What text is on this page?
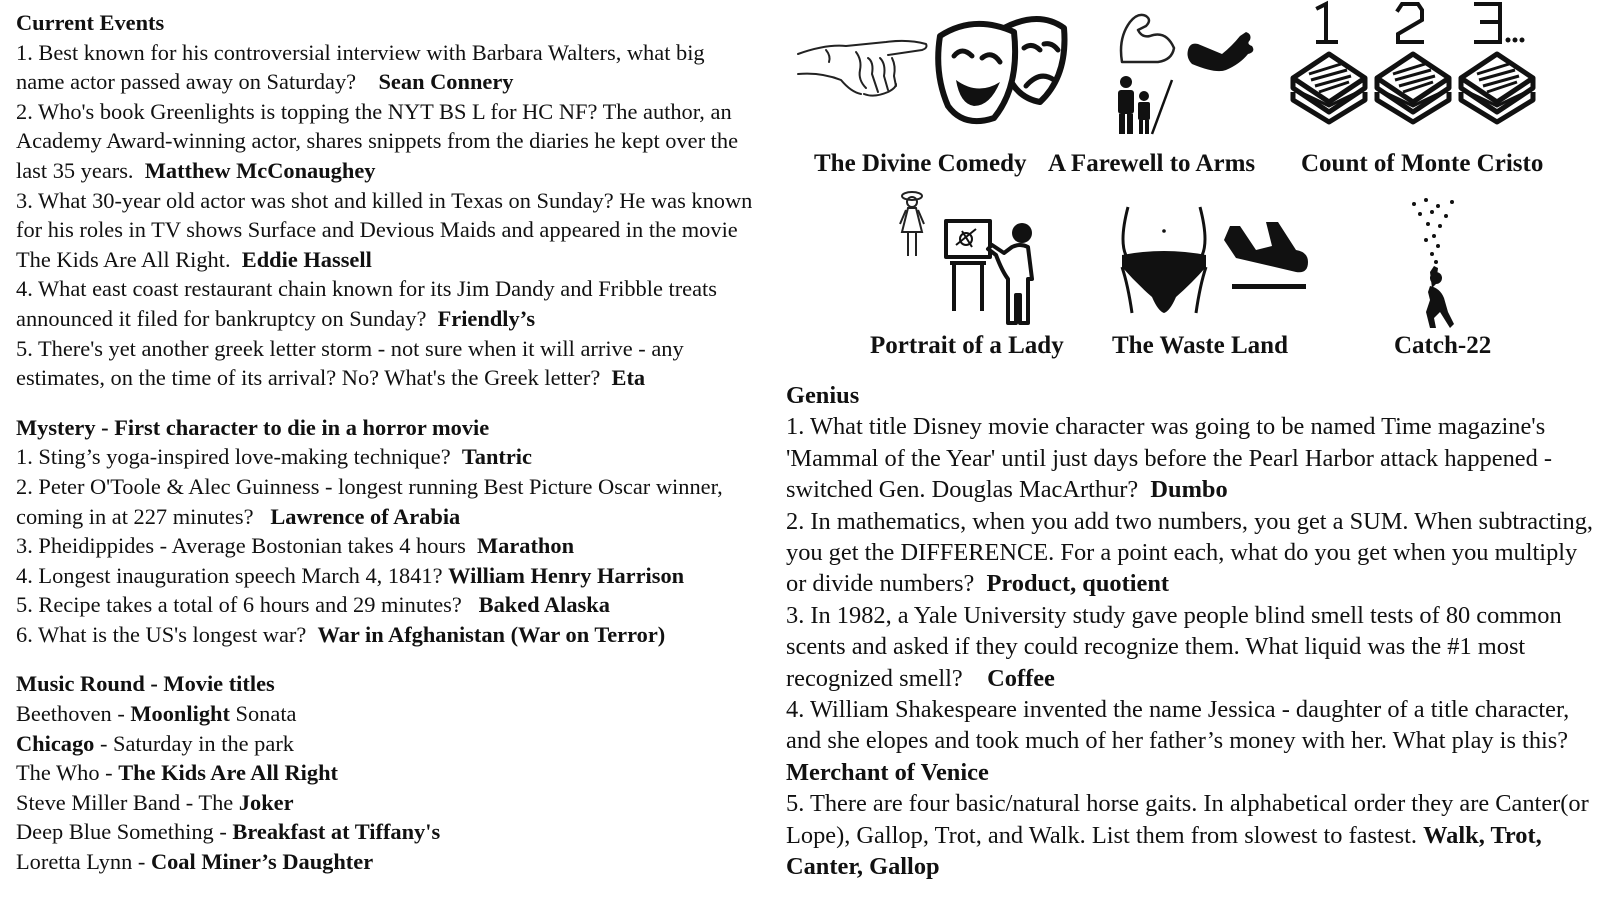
Current Events
1. Best known for his controversial interview with Barbara Walters, what big name actor passed away on Saturday? Sean Connery
2. Who's book Greenlights is topping the NYT BS L for HC NF? The author, an Academy Award-winning actor, shares snippets from the diaries he kept over the last 35 years. Matthew McConaughey
3. What 30-year old actor was shot and killed in Texas on Sunday? He was known for his roles in TV shows Surface and Devious Maids and appeared in the movie The Kids Are All Right. Eddie Hassell
4. What east coast restaurant chain known for its Jim Dandy and Fribble treats announced it filed for bankruptcy on Sunday? Friendly’s
5. There's yet another greek letter storm - not sure when it will arrive - any estimates, on the time of its arrival? No? What's the Greek letter? Eta
Mystery - First character to die in a horror movie
1. Sting’s yoga-inspired love-making technique? Tantric
2. Peter O'Toole & Alec Guinness - longest running Best Picture Oscar winner, coming in at 227 minutes? Lawrence of Arabia
3. Pheidippides - Average Bostonian takes 4 hours Marathon
4. Longest inauguration speech March 4, 1841? William Henry Harrison
5. Recipe takes a total of 6 hours and 29 minutes? Baked Alaska
6. What is the US's longest war? War in Afghanistan (War on Terror)
Music Round - Movie titles
Beethoven - Moonlight Sonata
Chicago - Saturday in the park
The Who - The Kids Are All Right
Steve Miller Band - The Joker
Deep Blue Something - Breakfast at Tiffany's
Loretta Lynn - Coal Miner’s Daughter
The Divine Comedy A Farewell to Arms Count of Monte Cristo
Portrait of a Lady The Waste Land	Catch-22
Genius
1. What title Disney movie character was going to be named Time magazine's 'Mammal of the Year' until just days before the Pearl Harbor attack happened - switched Gen. Douglas MacArthur? Dumbo
2. In mathematics, when you add two numbers, you get a SUM. When subtracting, you get the DIFFERENCE. For a point each, what do you get when you multiply or divide numbers? Product, quotient
3. In 1982, a Yale University study gave people blind smell tests of 80 common scents and asked if they could recognize them. What liquid was the #1 most recognized smell? Coffee
4. William Shakespeare invented the name Jessica - daughter of a title character, and she elopes and took much of her father’s money with her. What play is this?  Merchant of Venice
5. There are four basic/natural horse gaits. In alphabetical order they are Canter(or Lope), Gallop, Trot, and Walk. List them from slowest to fastest. Walk, Trot, Canter, Gallop
